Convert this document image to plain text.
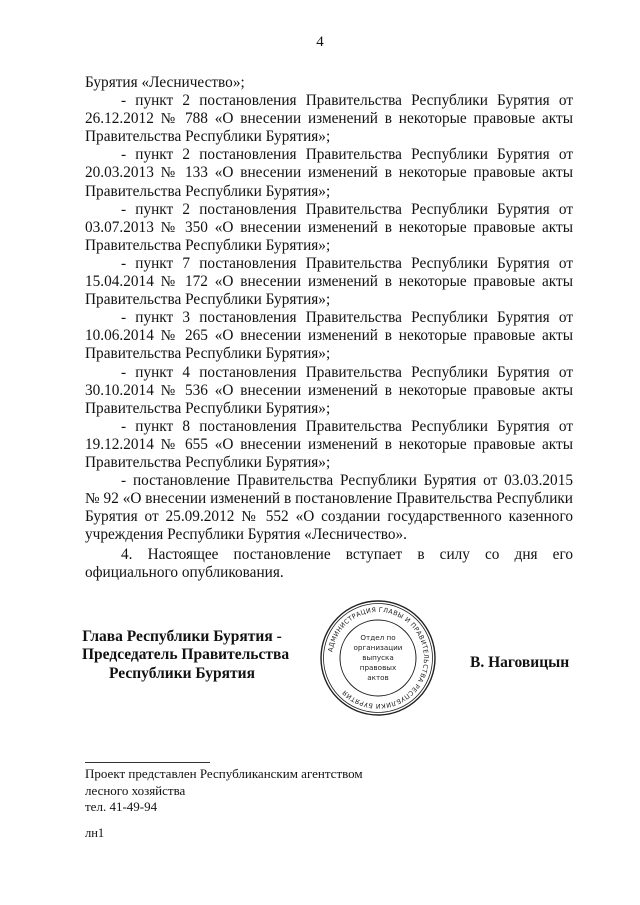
4

Бурятия «Лесничество»;

- пункт 2 постановления Правительства Республики Бурятия от 26.12.2012 № 788 «О внесении изменений в некоторые правовые акты Правительства Республики Бурятия»;

- пункт 2 постановления Правительства Республики Бурятия от 20.03.2013 № 133 «О внесении изменений в некоторые правовые акты Правительства Республики Бурятия»;

- пункт 2 постановления Правительства Республики Бурятия от 03.07.2013 № 350 «О внесении изменений в некоторые правовые акты Правительства Республики Бурятия»;

- пункт 7 постановления Правительства Республики Бурятия от 15.04.2014 № 172 «О внесении изменений в некоторые правовые акты Правительства Республики Бурятия»;

- пункт 3 постановления Правительства Республики Бурятия от 10.06.2014 № 265 «О внесении изменений в некоторые правовые акты Правительства Республики Бурятия»;

- пункт 4 постановления Правительства Республики Бурятия от 30.10.2014 № 536 «О внесении изменений в некоторые правовые акты Правительства Республики Бурятия»;

- пункт 8 постановления Правительства Республики Бурятия от 19.12.2014 № 655 «О внесении изменений в некоторые правовые акты Правительства Республики Бурятия»;

- постановление Правительства Республики Бурятия от 03.03.2015 № 92 «О внесении изменений в постановление Правительства Республики Бурятия от 25.09.2012 № 552 «О создании государственного казенного учреждения Республики Бурятия «Лесничество».

4. Настоящее постановление вступает в силу со дня его официального опубликования.

Глава Республики Бурятия -
Председатель Правительства
Республики Бурятия
АДМИНИСТРАЦИЯ ГЛАВЫ И ПРАВИТЕЛЬСТВА РЕСПУБЛИКИ БУРЯТИЯ
Отдел по
организации
выпуска
правовых
актов
В. Наговицын
Проект представлен Республиканским агентством
лесного хозяйства
тел. 41-49-94
лн1
